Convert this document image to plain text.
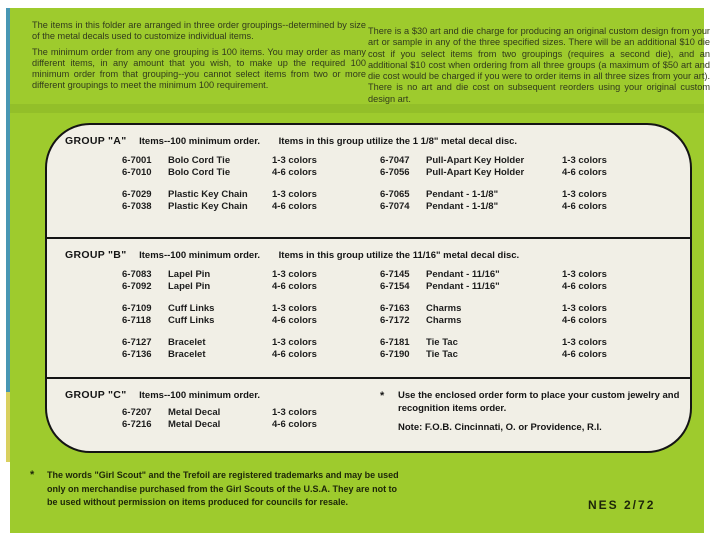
The items in this folder are arranged in three order groupings--determined by size of the metal decals used to customize individual items.

The minimum order from any one grouping is 100 items. You may order as many different items, in any amount that you wish, to make up the required 100 minimum order from that grouping--you cannot select items from two or more different groupings to meet the minimum 100 requirement.

There is a $30 art and die charge for producing an original custom design from your art or sample in any of the three specified sizes. There will be an additional $10 die cost if you select items from two groupings (requires a second die), and an additional $10 cost when ordering from all three groups (a maximum of $50 art and die cost would be charged if you were to order items in all three sizes from your art). There is no art and die cost on subsequent reorders using your original custom design art.

GROUP "A" Items--100 minimum order. Items in this group utilize the 1 1/8" metal decal disc.
6-7001	Bolo Cord Tie	1-3 colors
6-7010	Bolo Cord Tie	4-6 colors
6-7029	Plastic Key Chain	1-3 colors
6-7038	Plastic Key Chain	4-6 colors
6-7047	Pull-Apart Key Holder	1-3 colors
6-7056	Pull-Apart Key Holder	4-6 colors
6-7065	Pendant - 1-1/8"	1-3 colors
6-7074	Pendant - 1-1/8"	4-6 colors
GROUP "B" Items--100 minimum order. Items in this group utilize the 11/16" metal decal disc.
6-7083	Lapel Pin	1-3 colors
6-7092	Lapel Pin	4-6 colors
6-7109	Cuff Links	1-3 colors
6-7118	Cuff Links	4-6 colors
6-7127	Bracelet	1-3 colors
6-7136	Bracelet	4-6 colors
6-7145	Pendant - 11/16"	1-3 colors
6-7154	Pendant - 11/16"	4-6 colors
6-7163	Charms	1-3 colors
6-7172	Charms	4-6 colors
6-7181	Tie Tac	1-3 colors
6-7190	Tie Tac	4-6 colors
GROUP "C" Items--100 minimum order.
6-7207	Metal Decal	1-3 colors
6-7216	Metal Decal	4-6 colors
*	Use the enclosed order form to place your custom jewelry and recognition items order.
Note: F.O.B. Cincinnati, O. or Providence, R.I.
*	The words "Girl Scout" and the Trefoil are registered trademarks and may be used only on merchandise purchased from the Girl Scouts of the U.S.A. They are not to be used without permission on items produced for councils for resale.	NES 2/72
